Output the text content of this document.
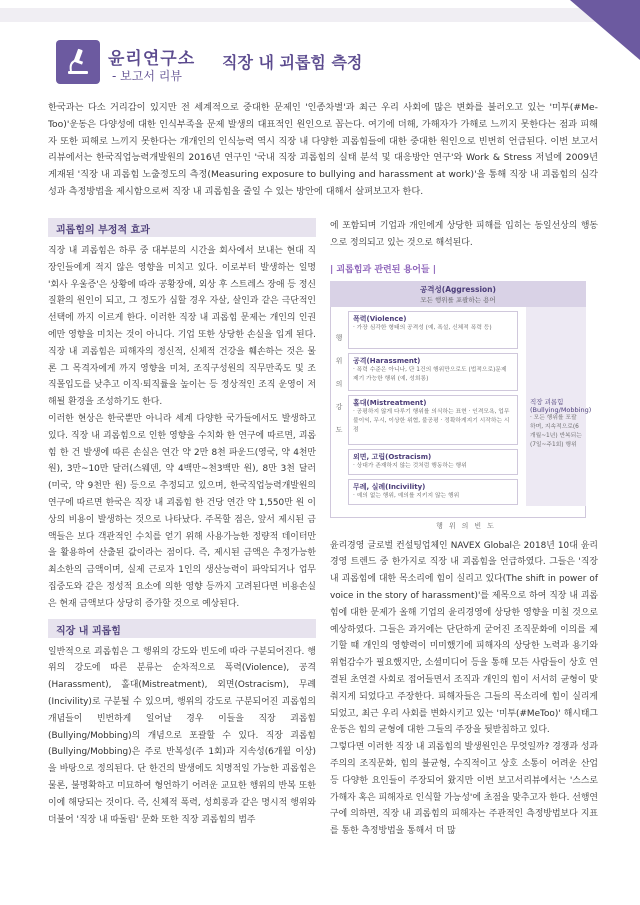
윤리연구소
- 보고서 리뷰
직장 내 괴롭힘 측정
한국과는 다소 거리감이 있지만 전 세계적으로 중대한 문제인 '인종차별'과 최근 우리 사회에 많은 변화를 불러오고 있는 '미투(#Me-Too)'운동은 다양성에 대한 인식부족을 문제 발생의 대표적인 원인으로 꼽는다. 여기에 더해, 가해자가 가해로 느끼지 못한다는 점과 피해자 또한 피해로 느끼지 못한다는 개개인의 인식능력 역시 직장 내 다양한 괴롭힘들에 대한 중대한 원인으로 빈번히 언급된다. 이번 보고서 리뷰에서는 한국직업능력개발원의 2016년 연구인 '국내 직장 괴롭힘의 실태 분석 및 대응방안 연구'와 Work & Stress 저널에 2009년 게재된 '직장 내 괴롭힘 노출정도의 측정(Measuring exposure to bullying and harassment at work)'을 통해 직장 내 괴롭힘의 심각성과 측정방법을 제시함으로써 직장 내 괴롭힘을 줄일 수 있는 방안에 대해서 살펴보고자 한다.
괴롭힘의 부정적 효과
직장 내 괴롭힘은 하루 중 대부분의 시간을 회사에서 보내는 현대 직장인들에게 적지 않은 영향을 미치고 있다. 이로부터 발생하는 일명 '회사 우울증'은 상황에 따라 공황장애, 외상 후 스트레스 장애 등 정신질환의 원인이 되고, 그 정도가 심할 경우 자살, 살인과 같은 극단적인 선택에 까지 이르게 한다. 이러한 직장 내 괴롭힘 문제는 개인의 인권에만 영향을 미치는 것이 아니다. 기업 또한 상당한 손실을 입게 된다. 직장 내 괴롭힘은 피해자의 정신적, 신체적 건강을 훼손하는 것은 물론 그 목격자에게 까지 영향을 미쳐, 조직구성원의 직무만족도 및 조직몰입도를 낮추고 이직·퇴직률을 높이는 등 정상적인 조직 운영이 저해될 환경을 조성하기도 한다.
이러한 현상은 한국뿐만 아니라 세계 다양한 국가들에서도 발생하고 있다. 직장 내 괴롭힘으로 인한 영향을 수치화 한 연구에 따르면, 괴롭힘 한 건 발생에 따른 손실은 연간 약 2만 8천 파운드(영국, 약 4천만 원), 3만~10만 달러(스웨덴, 약 4백만~천3백만 원), 8만 3천 달러(미국, 약 9천만 원) 등으로 추정되고 있으며, 한국직업능력개발원의 연구에 따르면 한국은 직장 내 괴롭힘 한 건당 연간 약 1,550만 원 이상의 비용이 발생하는 것으로 나타났다. 주목할 점은, 앞서 제시된 금액들은 보다 객관적인 수치를 얻기 위해 사용가능한 정량적 데이터만을 활용하여 산출된 값이라는 점이다. 즉, 제시된 금액은 추정가능한 최소한의 금액이며, 실제 근로자 1인의 생산능력이 파악되거나 업무 집중도와 같은 정성적 요소에 의한 영향 등까지 고려된다면 비용손실은 현재 금액보다 상당히 증가할 것으로 예상된다.
직장 내 괴롭힘
일반적으로 괴롭힘은 그 행위의 강도와 빈도에 따라 구분되어진다. 행위의 강도에 따른 분류는 순차적으로 폭력(Violence), 공격(Harassment), 홀대(Mistreatment), 외면(Ostracism), 무례(Incivility)로 구분될 수 있으며, 행위의 강도로 구분되어진 괴롭힘의 개념들이 빈번하게 일어날 경우 이들을 직장 괴롭힘(Bullying/Mobbing)의 개념으로 포괄할 수 있다. 직장 괴롭힘(Bullying/Mobbing)은 주로 반복성(주 1회)과 지속성(6개월 이상)을 바탕으로 정의된다. 단 한건의 발생에도 치명적일 가능한 괴롭힘은 물론, 불명확하고 미묘하여 형언하기 어려운 교묘한 행위의 반복 또한 이에 해당되는 것이다. 즉, 신체적 폭력, 성희롱과 같은 명시적 행위와 더불어 '직장 내 따돌림' 문화 또한 직장 괴롭힘의 범주
에 포함되며 기업과 개인에게 상당한 피해를 입히는 동일선상의 행동으로 정의되고 있는 것으로 해석된다.
| 괴롭힘과 관련된 용어들 |
공격성(Aggression)
모든 행위를 포괄하는 용어
행
위
의
강
도
폭력(Violence)
· 가장 심각한 형태의 공격성 (예, 폭설, 신체적 폭력 등)
공격(Harassment)
· 폭력 수준은 아니나, 단 1건의 행위만으로도 (법적으로)문제 제기 가능한 행위 (예, 성희롱)
홀대(Mistreatment)
· 공평하지 않게 다루기 행위를 의식하는 표현 · 인격모욕, 업무 불이익, 무시, 이상한 위협, 불공평 · 정확하게지기 시작하는 시점
외면, 고립(Ostracism)
· 상대가 존재하지 않는 것처럼 행동하는 행위
무례, 실례(Incivility)
· 예의 없는 행위, 예의를 지키지 않는 행위
직장 괴롭힘 (Bullying/Mobbing)
· 모든 행위를 포괄하며, 지속적으로(6개월~1년) 반복되는(7일~주1회) 행위
행위의빈도
윤리경영 글로벌 컨설팅업체인 NAVEX Global은 2018년 10대 윤리경영 트렌드 중 한가지로 직장 내 괴롭힘을 언급하였다. 그들은 '직장 내 괴롭힘에 대한 목소리에 힘이 실리고 있다(The shift in power of voice in the story of harassment)'를 제목으로 하여 직장 내 괴롭힘에 대한 문제가 올해 기업의 윤리경영에 상당한 영향을 미칠 것으로 예상하였다. 그들은 과거에는 단단하게 굳어진 조직문화에 이의를 제기할 때 개인의 영향력이 미미했기에 피해자의 상당한 노력과 용기와 위험감수가 필요했지만, 소셜미디어 등을 통해 모든 사람들이 상호 연결된 초연결 사회로 접어들면서 조직과 개인의 힘이 서서히 균형이 맞춰지게 되었다고 주장한다. 피해자들은 그들의 목소리에 힘이 실리게 되었고, 최근 우리 사회를 변화시키고 있는 '미투(#MeToo)' 해시태그 운동은 힘의 균형에 대한 그들의 주장을 뒷받침하고 있다.
그렇다면 이러한 직장 내 괴롭힘의 발생원인은 무엇일까? 경쟁과 성과주의의 조직문화, 힘의 불균형, 수직적이고 상호 소통이 어려운 산업 등 다양한 요인들이 주장되어 왔지만 이번 보고서리뷰에서는 '스스로 가해자 혹은 피해자로 인식할 가능성'에 초점을 맞추고자 한다. 선행연구에 의하면, 직장 내 괴롭힘의 피해자는 주관적인 측정방법보다 지표를 통한 측정방법을 통해서 더 많
